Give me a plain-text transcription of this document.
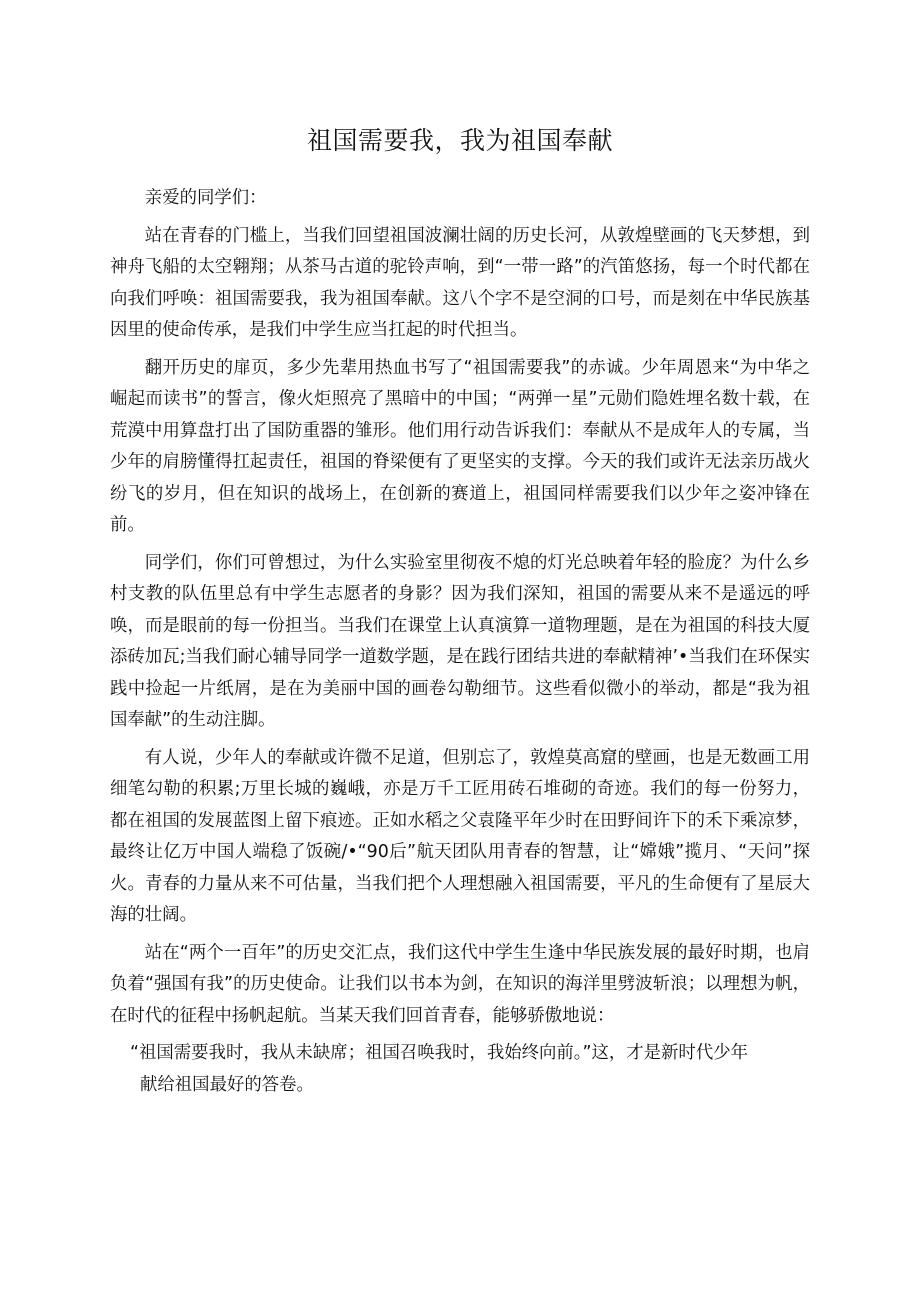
祖国需要我，我为祖国奉献

亲爱的同学们：

站在青春的门槛上，当我们回望祖国波澜壮阔的历史长河，从敦煌壁画的飞天梦想，到神舟飞船的太空翱翔；从茶马古道的驼铃声响，到“一带一路”的汽笛悠扬，每一个时代都在向我们呼唤：祖国需要我，我为祖国奉献。这八个字不是空洞的口号，而是刻在中华民族基因里的使命传承，是我们中学生应当扛起的时代担当。

翻开历史的扉页，多少先辈用热血书写了“祖国需要我”的赤诚。少年周恩来“为中华之崛起而读书”的誓言，像火炬照亮了黑暗中的中国；“两弹一星”元勋们隐姓埋名数十载，在荒漠中用算盘打出了国防重器的雏形。他们用行动告诉我们：奉献从不是成年人的专属，当少年的肩膀懂得扛起责任，祖国的脊梁便有了更坚实的支撑。今天的我们或许无法亲历战火纷飞的岁月，但在知识的战场上，在创新的赛道上，祖国同样需要我们以少年之姿冲锋在前。

同学们，你们可曾想过，为什么实验室里彻夜不熄的灯光总映着年轻的脸庞？为什么乡村支教的队伍里总有中学生志愿者的身影？因为我们深知，祖国的需要从来不是遥远的呼唤，而是眼前的每一份担当。当我们在课堂上认真演算一道物理题，是在为祖国的科技大厦添砖加瓦;当我们耐心辅导同学一道数学题，是在践行团结共进的奉献精神’•当我们在环保实践中捡起一片纸屑，是在为美丽中国的画卷勾勒细节。这些看似微小的举动，都是“我为祖国奉献”的生动注脚。

有人说，少年人的奉献或许微不足道，但别忘了，敦煌莫高窟的壁画，也是无数画工用细笔勾勒的积累;万里长城的巍峨，亦是万千工匠用砖石堆砌的奇迹。我们的每一份努力，都在祖国的发展蓝图上留下痕迹。正如水稻之父袁隆平年少时在田野间许下的禾下乘凉梦，最终让亿万中国人端稳了饭碗/•“90后”航天团队用青春的智慧，让“嫦娥”揽月、“天问”探火。青春的力量从来不可估量，当我们把个人理想融入祖国需要，平凡的生命便有了星辰大海的壮阔。

站在“两个一百年”的历史交汇点，我们这代中学生生逢中华民族发展的最好时期，也肩负着“强国有我”的历史使命。让我们以书本为剑，在知识的海洋里劈波斩浪；以理想为帆，在时代的征程中扬帆起航。当某天我们回首青春，能够骄傲地说：

“祖国需要我时，我从未缺席；祖国召唤我时，我始终向前。”这，才是新时代少年

献给祖国最好的答卷。
